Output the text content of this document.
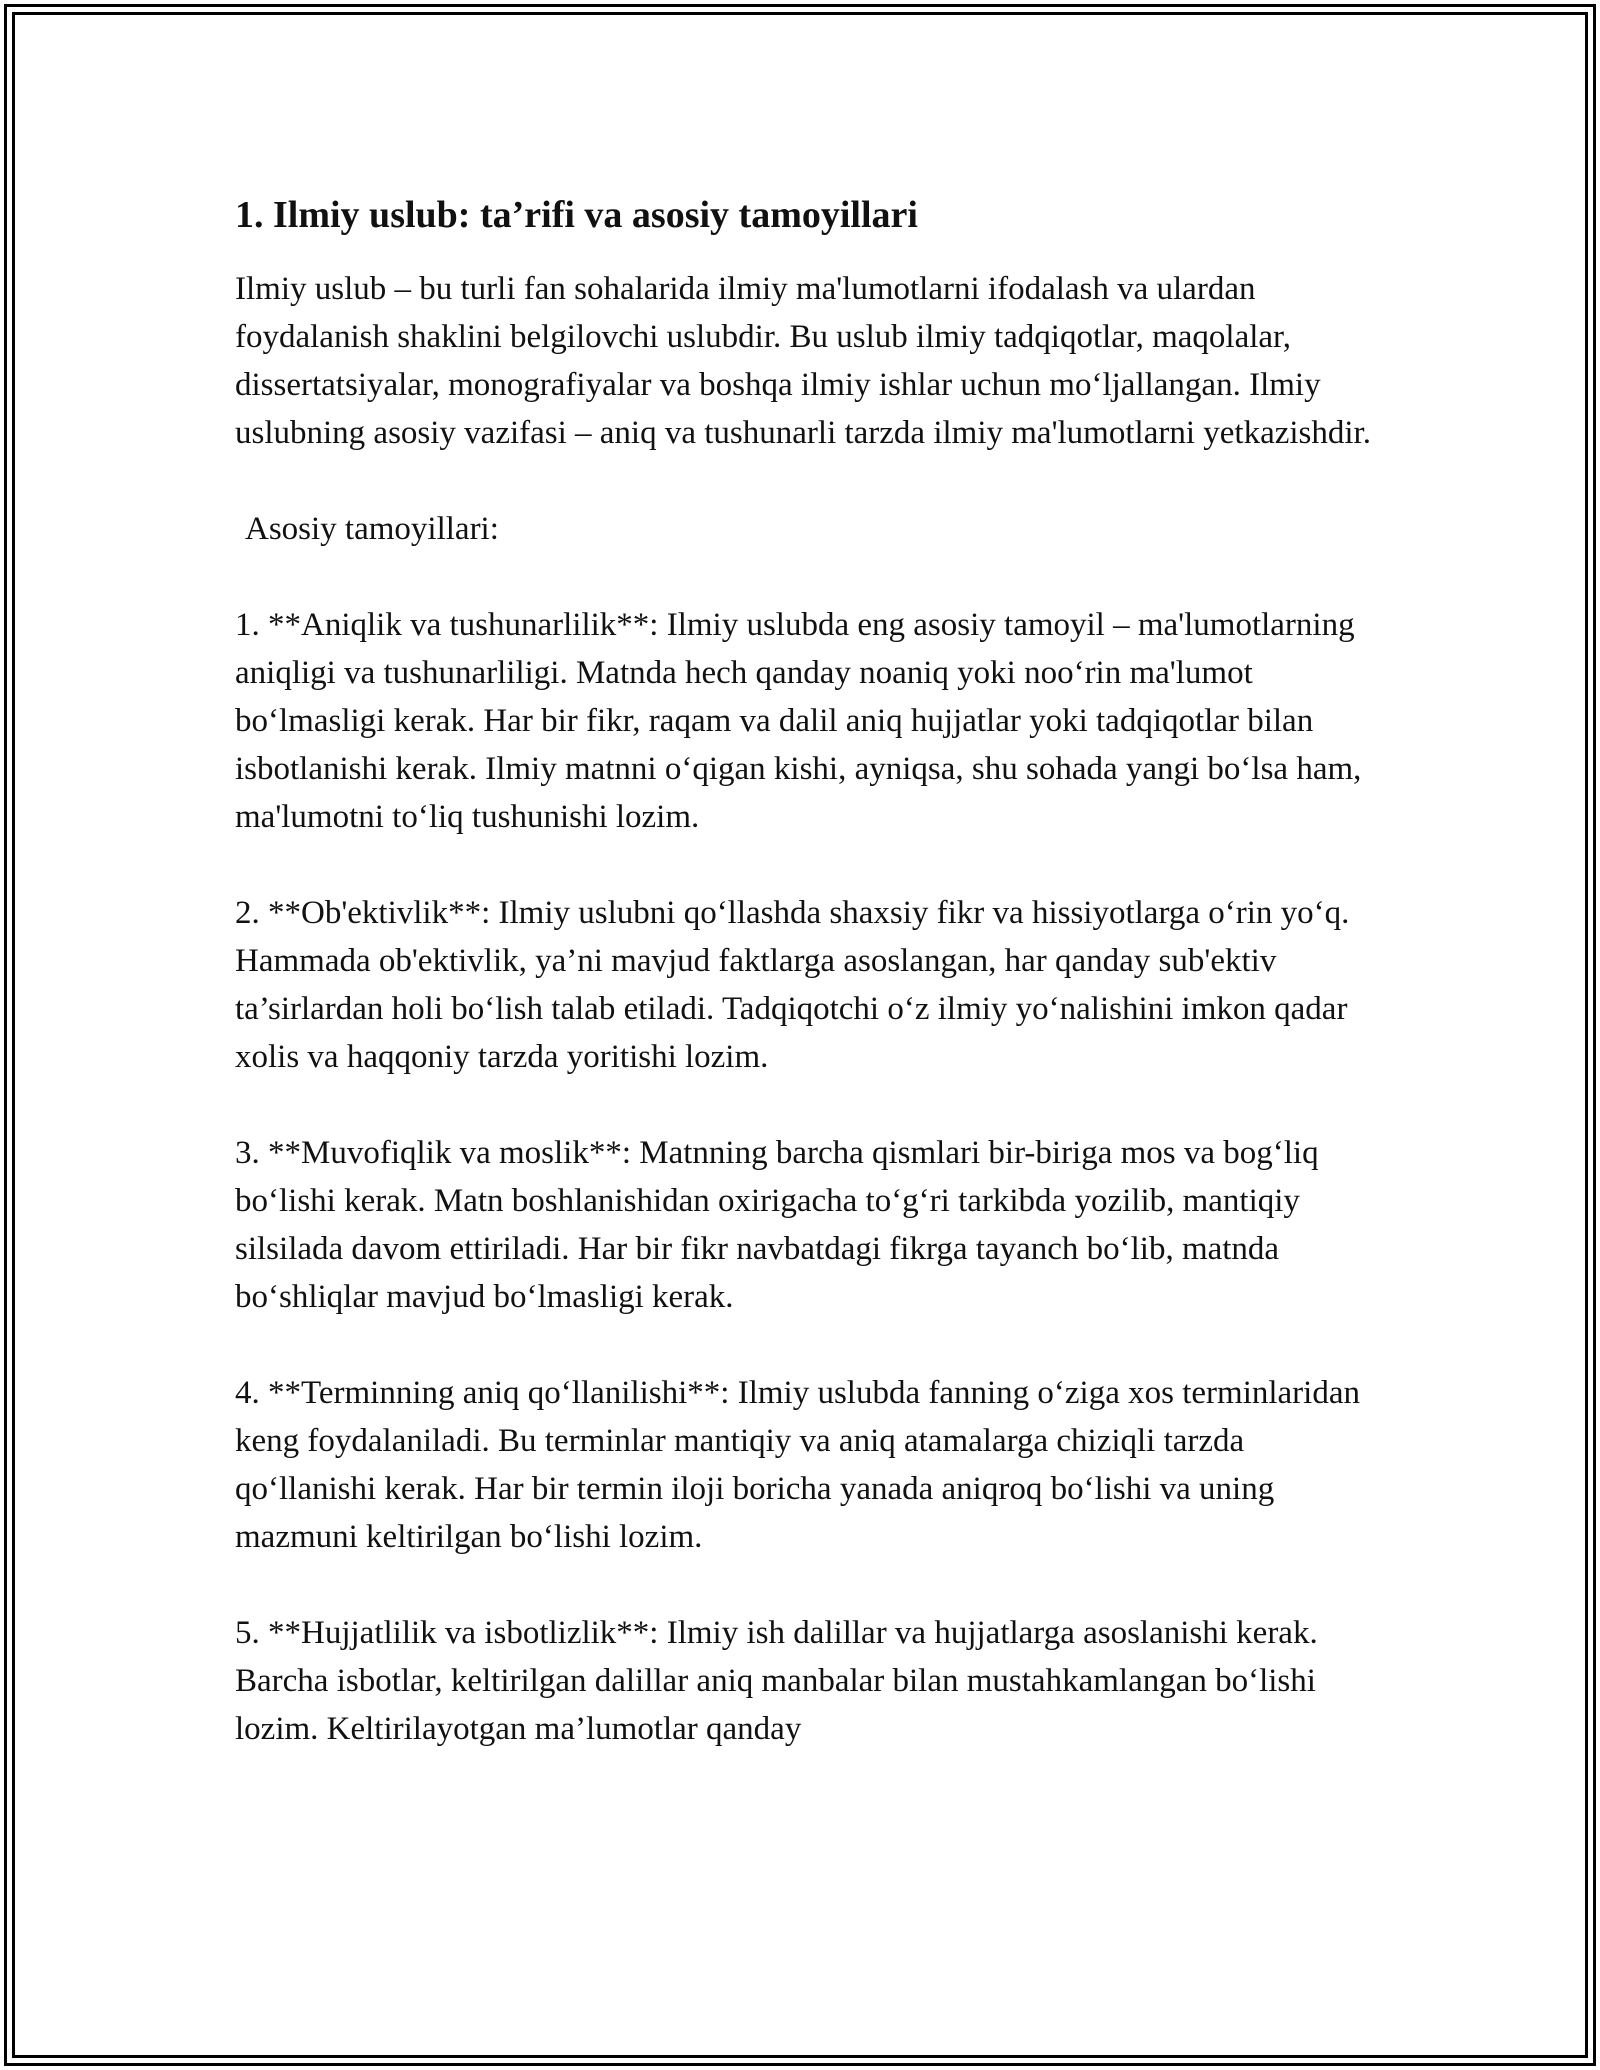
1. Ilmiy uslub: ta’rifi va asosiy tamoyillari

Ilmiy uslub – bu turli fan sohalarida ilmiy ma'lumotlarni ifodalash va ulardan foydalanish shaklini belgilovchi uslubdir. Bu uslub ilmiy tadqiqotlar, maqolalar, dissertatsiyalar, monografiyalar va boshqa ilmiy ishlar uchun mo‘ljallangan. Ilmiy uslubning asosiy vazifasi – aniq va tushunarli tarzda ilmiy ma'lumotlarni yetkazishdir.

Asosiy tamoyillari:

1. **Aniqlik va tushunarlilik**: Ilmiy uslubda eng asosiy tamoyil – ma'lumotlarning aniqligi va tushunarliligi. Matnda hech qanday noaniq yoki noo‘rin ma'lumot bo‘lmasligi kerak. Har bir fikr, raqam va dalil aniq hujjatlar yoki tadqiqotlar bilan isbotlanishi kerak. Ilmiy matnni o‘qigan kishi, ayniqsa, shu sohada yangi bo‘lsa ham, ma'lumotni to‘liq tushunishi lozim.

2. **Ob'ektivlik**: Ilmiy uslubni qo‘llashda shaxsiy fikr va hissiyotlarga o‘rin yo‘q. Hammada ob'ektivlik, ya’ni mavjud faktlarga asoslangan, har qanday sub'ektiv ta’sirlardan holi bo‘lish talab etiladi. Tadqiqotchi o‘z ilmiy yo‘nalishini imkon qadar xolis va haqqoniy tarzda yoritishi lozim.

3. **Muvofiqlik va moslik**: Matnning barcha qismlari bir-biriga mos va bog‘liq bo‘lishi kerak. Matn boshlanishidan oxirigacha to‘g‘ri tarkibda yozilib, mantiqiy silsilada davom ettiriladi. Har bir fikr navbatdagi fikrga tayanch bo‘lib, matnda bo‘shliqlar mavjud bo‘lmasligi kerak.

4. **Terminning aniq qo‘llanilishi**: Ilmiy uslubda fanning o‘ziga xos terminlaridan keng foydalaniladi. Bu terminlar mantiqiy va aniq atamalarga chiziqli tarzda qo‘llanishi kerak. Har bir termin iloji boricha yanada aniqroq bo‘lishi va uning mazmuni keltirilgan bo‘lishi lozim.

5. **Hujjatlilik va isbotlizlik**: Ilmiy ish dalillar va hujjatlarga asoslanishi kerak. Barcha isbotlar, keltirilgan dalillar aniq manbalar bilan mustahkamlangan bo‘lishi lozim. Keltirilayotgan ma’lumotlar qanday
